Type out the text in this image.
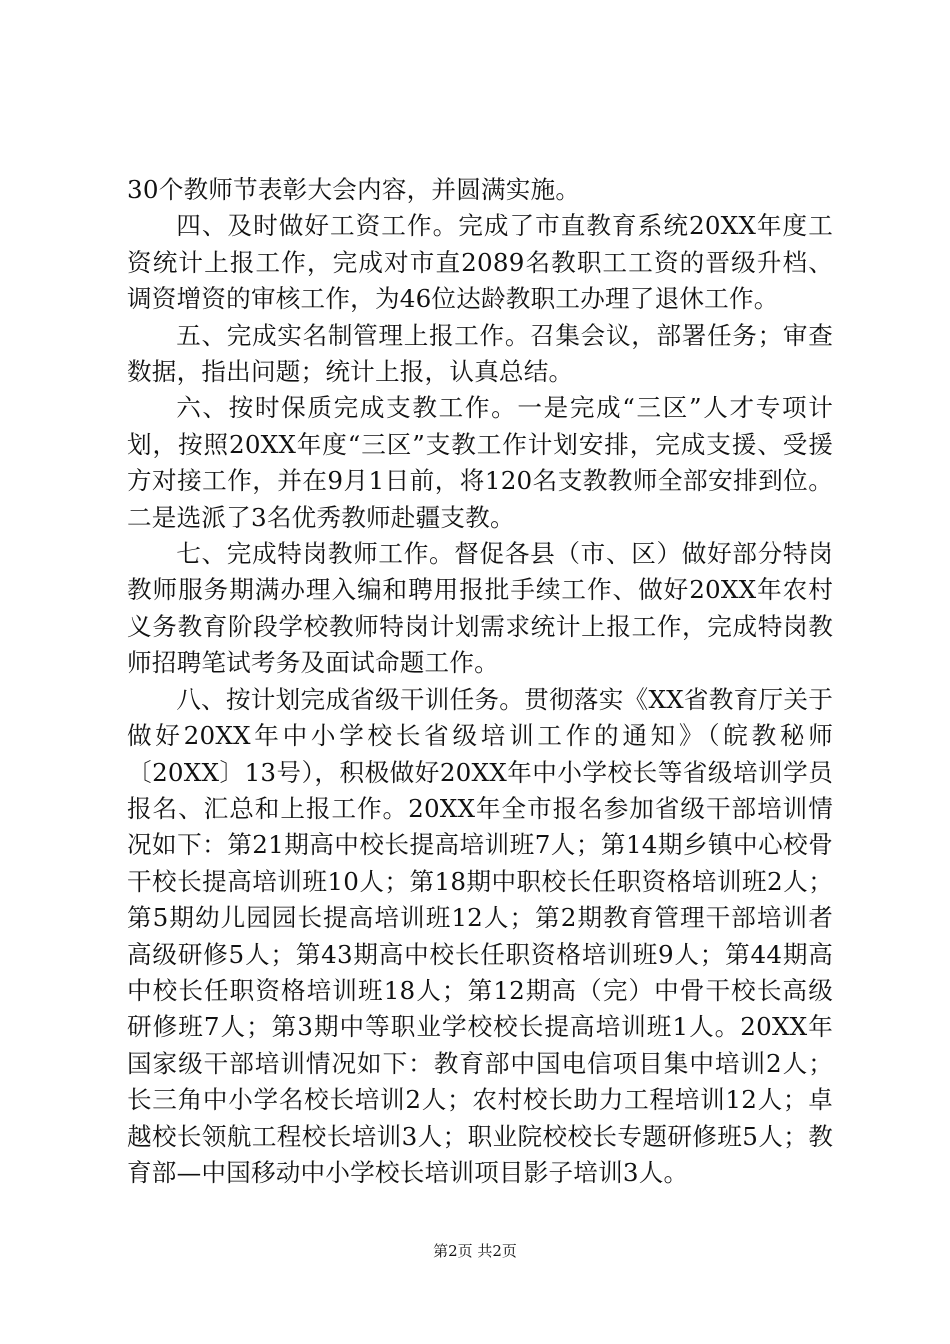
30个教师节表彰大会内容，并圆满实施。

四、及时做好工资工作。完成了市直教育系统20XX年度工资统计上报工作，完成对市直2089名教职工工资的晋级升档、调资增资的审核工作，为46位达龄教职工办理了退休工作。

五、完成实名制管理上报工作。召集会议，部署任务；审查数据，指出问题；统计上报，认真总结。

六、按时保质完成支教工作。一是完成“三区”人才专项计划，按照20XX年度“三区”支教工作计划安排，完成支援、受援方对接工作，并在9月1日前，将120名支教教师全部安排到位。二是选派了3名优秀教师赴疆支教。

七、完成特岗教师工作。督促各县（市、区）做好部分特岗教师服务期满办理入编和聘用报批手续工作、做好20XX年农村义务教育阶段学校教师特岗计划需求统计上报工作，完成特岗教师招聘笔试考务及面试命题工作。

八、按计划完成省级干训任务。贯彻落实《XX省教育厅关于做好20XX年中小学校长省级培训工作的通知》（皖教秘师〔20XX〕13号），积极做好20XX年中小学校长等省级培训学员报名、汇总和上报工作。20XX年全市报名参加省级干部培训情况如下：第21期高中校长提高培训班7人；第14期乡镇中心校骨干校长提高培训班10人；第18期中职校长任职资格培训班2人；第5期幼儿园园长提高培训班12人；第2期教育管理干部培训者高级研修5人；第43期高中校长任职资格培训班9人；第44期高中校长任职资格培训班18人；第12期高（完）中骨干校长高级研修班7人；第3期中等职业学校校长提高培训班1人。20XX年国家级干部培训情况如下：教育部中国电信项目集中培训2人；长三角中小学名校长培训2人；农村校长助力工程培训12人；卓越校长领航工程校长培训3人；职业院校校长专题研修班5人；教育部—中国移动中小学校长培训项目影子培训3人。

第2页 共2页
